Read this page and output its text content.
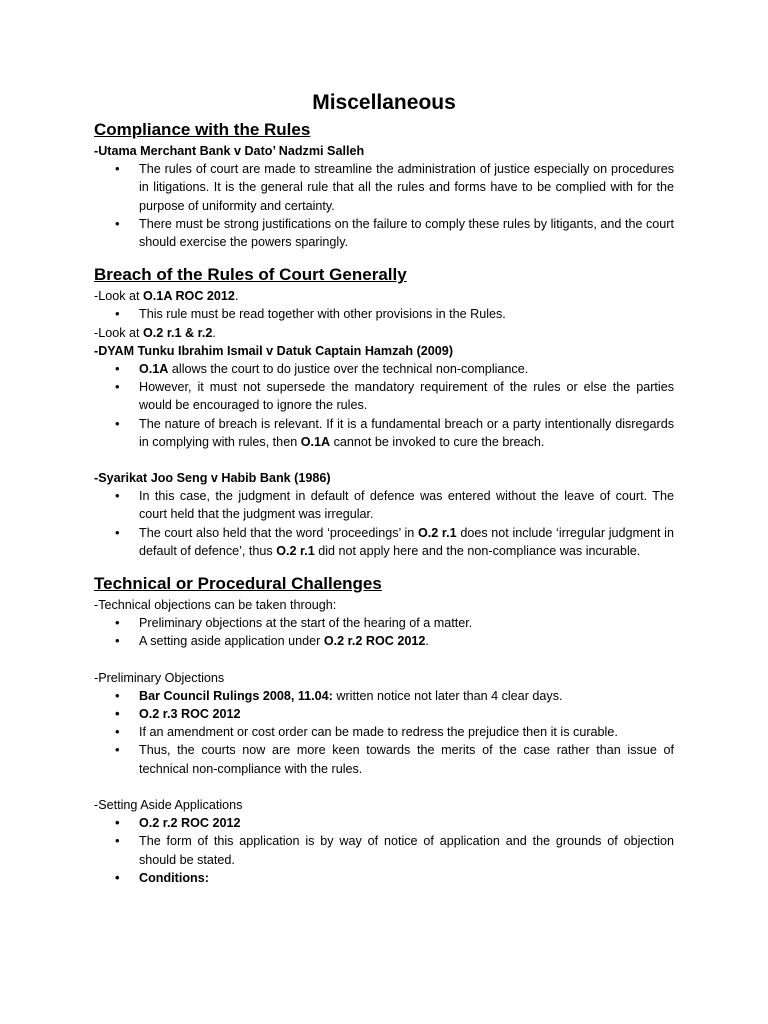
Miscellaneous
Compliance with the Rules

-Utama Merchant Bank v Dato’ Nadzmi Salleh

• The rules of court are made to streamline the administration of justice especially on procedures in litigations. It is the general rule that all the rules and forms have to be complied with for the purpose of uniformity and certainty.
• There must be strong justifications on the failure to comply these rules by litigants, and the court should exercise the powers sparingly.
Breach of the Rules of Court Generally

-Look at O.1A ROC 2012.

• This rule must be read together with other provisions in the Rules.

-Look at O.2 r.1 & r.2.

-DYAM Tunku Ibrahim Ismail v Datuk Captain Hamzah (2009)

• O.1A allows the court to do justice over the technical non-compliance.
• However, it must not supersede the mandatory requirement of the rules or else the parties would be encouraged to ignore the rules.
• The nature of breach is relevant. If it is a fundamental breach or a party intentionally disregards in complying with rules, then O.1A cannot be invoked to cure the breach.

-Syarikat Joo Seng v Habib Bank (1986)

• In this case, the judgment in default of defence was entered without the leave of court. The court held that the judgment was irregular.
• The court also held that the word ‘proceedings’ in O.2 r.1 does not include ‘irregular judgment in default of defence’, thus O.2 r.1 did not apply here and the non-compliance was incurable.
Technical or Procedural Challenges

-Technical objections can be taken through:

• Preliminary objections at the start of the hearing of a matter.
• A setting aside application under O.2 r.2 ROC 2012.

-Preliminary Objections

• Bar Council Rulings 2008, 11.04: written notice not later than 4 clear days.
• O.2 r.3 ROC 2012
• If an amendment or cost order can be made to redress the prejudice then it is curable.
• Thus, the courts now are more keen towards the merits of the case rather than issue of technical non-compliance with the rules.

-Setting Aside Applications

• O.2 r.2 ROC 2012
• The form of this application is by way of notice of application and the grounds of objection should be stated.
• Conditions:
